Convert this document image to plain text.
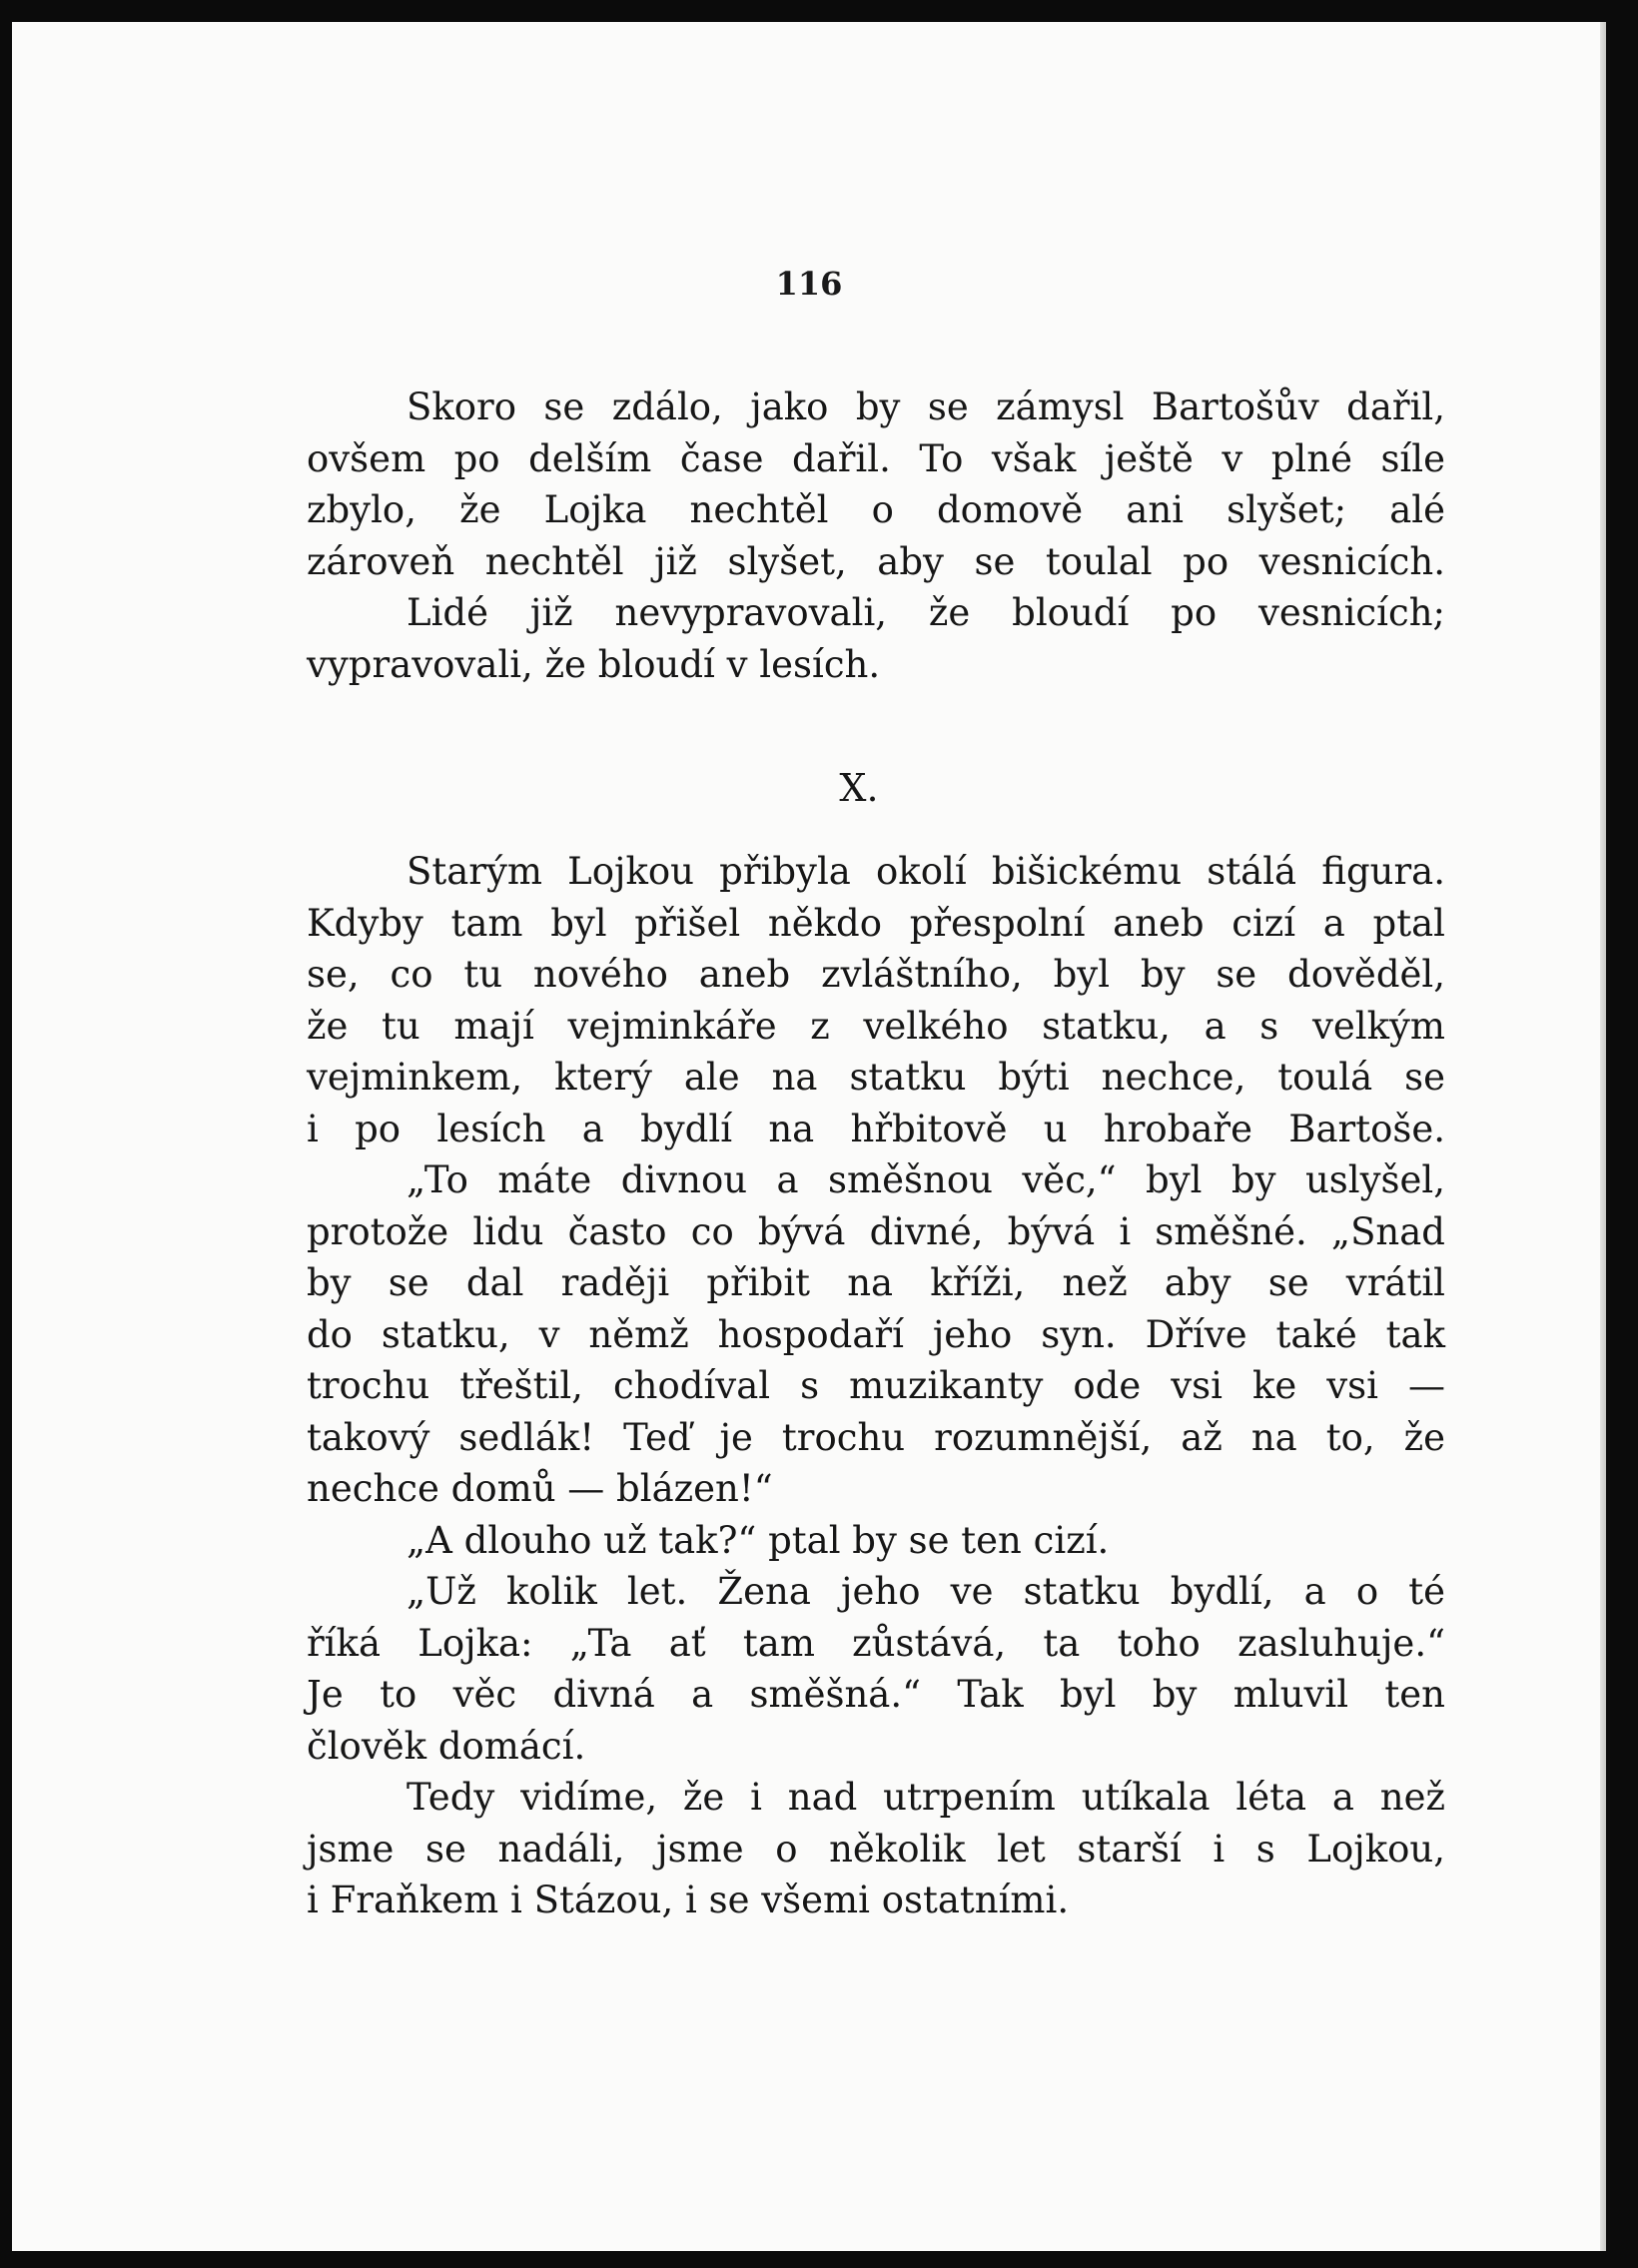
116
Skoro se zdálo, jako by se zámysl Bartošův dařil,
ovšem po delším čase dařil. To však ještě v plné síle
zbylo, že Lojka nechtěl o domově ani slyšet; alé
zároveň nechtěl již slyšet, aby se toulal po vesnicích.
Lidé již nevypravovali, že bloudí po vesnicích;
vypravovali, že bloudí v lesích.
X.
Starým Lojkou přibyla okolí bišickému stálá figura.
Kdyby tam byl přišel někdo přespolní aneb cizí a ptal
se, co tu nového aneb zvláštního, byl by se dověděl,
že tu mají vejminkáře z velkého statku, a s velkým
vejminkem, který ale na statku býti nechce, toulá se
i po lesích a bydlí na hřbitově u hrobaře Bartoše.
„To máte divnou a směšnou věc,“ byl by uslyšel,
protože lidu často co bývá divné, bývá i směšné. „Snad
by se dal raději přibit na kříži, než aby se vrátil
do statku, v němž hospodaří jeho syn. Dříve také tak
trochu třeštil, chodíval s muzikanty ode vsi ke vsi —
takový sedlák! Teď je trochu rozumnější, až na to, že
nechce domů — blázen!“
„A dlouho už tak?“ ptal by se ten cizí.
„Už kolik let. Žena jeho ve statku bydlí, a o té
říká Lojka: „Ta ať tam zůstává, ta toho zasluhuje.“
Je to věc divná a směšná.“ Tak byl by mluvil ten
člověk domácí.
Tedy vidíme, že i nad utrpením utíkala léta a než
jsme se nadáli, jsme o několik let starší i s Lojkou,
i Fraňkem i Stázou, i se všemi ostatními.
